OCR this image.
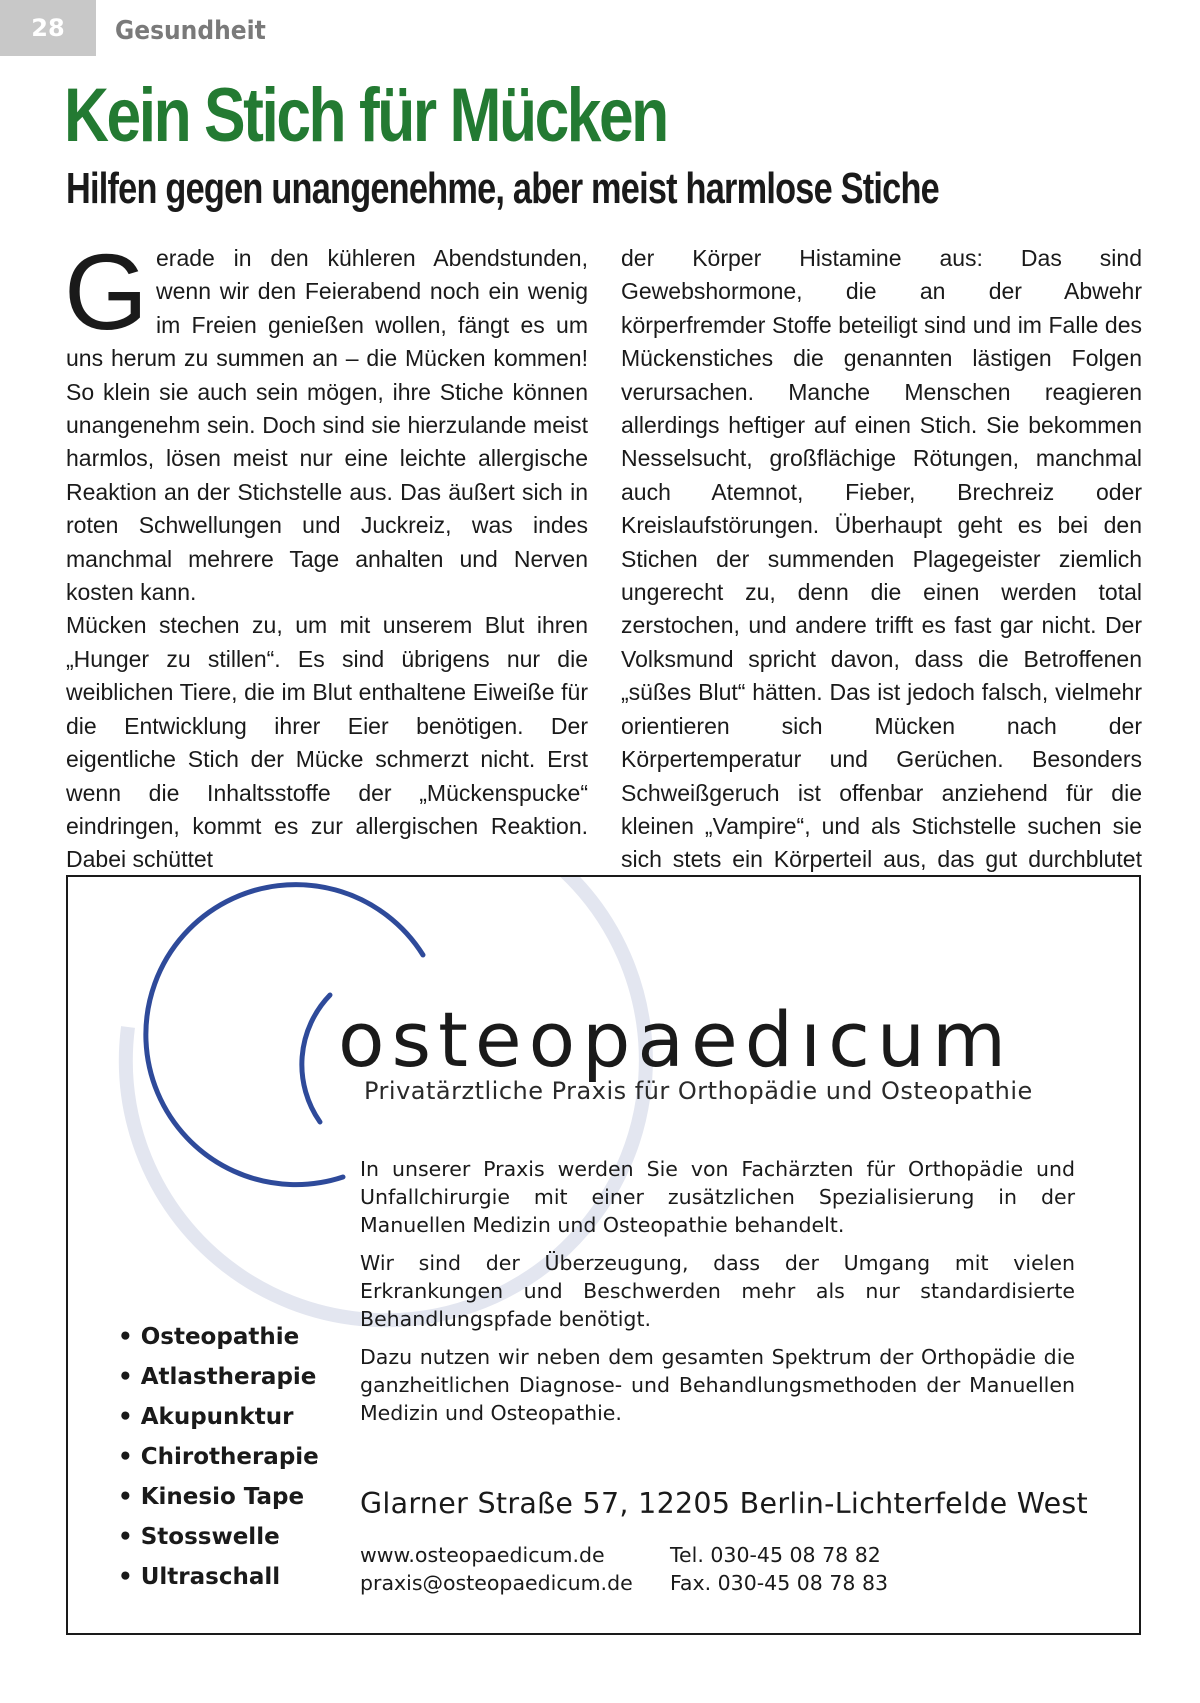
28	Gesundheit
Kein Stich für Mücken
Hilfen gegen unangenehme, aber meist harmlose Stiche

Gerade in den kühleren Abendstunden, wenn wir den Feierabend noch ein wenig im Freien genießen wollen, fängt es um uns herum zu summen an – die Mücken kommen! So klein sie auch sein mögen, ihre Stiche können unangenehm sein. Doch sind sie hierzulande meist harmlos, lösen meist nur eine leichte allergische Reaktion an der Stichstelle aus. Das äußert sich in roten Schwellungen und Juckreiz, was indes manchmal mehrere Tage anhalten und Nerven kosten kann.

Mücken stechen zu, um mit unserem Blut ihren „Hunger zu stillen“. Es sind übrigens nur die weiblichen Tiere, die im Blut enthaltene Eiweiße für die Entwicklung ihrer Eier benötigen. Der eigentliche Stich der Mücke schmerzt nicht. Erst wenn die Inhaltsstoffe der „Mückenspucke“ eindringen, kommt es zur allergischen Reaktion. Dabei schüttet

der Körper Histamine aus: Das sind Gewebshormone, die an der Abwehr körperfremder Stoffe beteiligt sind und im Falle des Mückenstiches die genannten lästigen Folgen verursachen. Manche Menschen reagieren allerdings heftiger auf einen Stich. Sie bekommen Nesselsucht, großflächige Rötungen, manchmal auch Atemnot, Fieber, Brechreiz oder Kreislaufstörungen. Überhaupt geht es bei den Stichen der summenden Plagegeister ziemlich ungerecht zu, denn die einen werden total zerstochen, und andere trifft es fast gar nicht. Der Volksmund spricht davon, dass die Betroffenen „süßes Blut“ hätten. Das ist jedoch falsch, vielmehr orientieren sich Mücken nach der Körpertemperatur und Gerüchen. Besonders Schweißgeruch ist offenbar anziehend für die kleinen „Vampire“, und als Stichstelle suchen sie sich stets ein Körperteil aus, das gut durchblutet

osteopaedıcum
Privatärztliche Praxis für Orthopädie und Osteopathie

In unserer Praxis werden Sie von Fachärzten für Orthopädie und Unfallchirurgie mit einer zusätzlichen Spezialisierung in der Manuellen Medizin und Osteopathie behandelt.

Wir sind der Überzeugung, dass der Umgang mit vielen Erkrankungen und Beschwerden mehr als nur standardisierte Behandlungspfade benötigt.

Dazu nutzen wir neben dem gesamten Spektrum der Orthopädie die ganzheitlichen Diagnose- und Behandlungsmethoden der Manuellen Medizin und Osteopathie.

• Osteopathie
• Atlastherapie
• Akupunktur
• Chirotherapie
• Kinesio Tape
• Stosswelle
• Ultraschall
Glarner Straße 57, 12205 Berlin-Lichterfelde West
www.osteopaedicum.de	Tel. 030-45 08 78 82
praxis@osteopaedicum.de	Fax. 030-45 08 78 83
